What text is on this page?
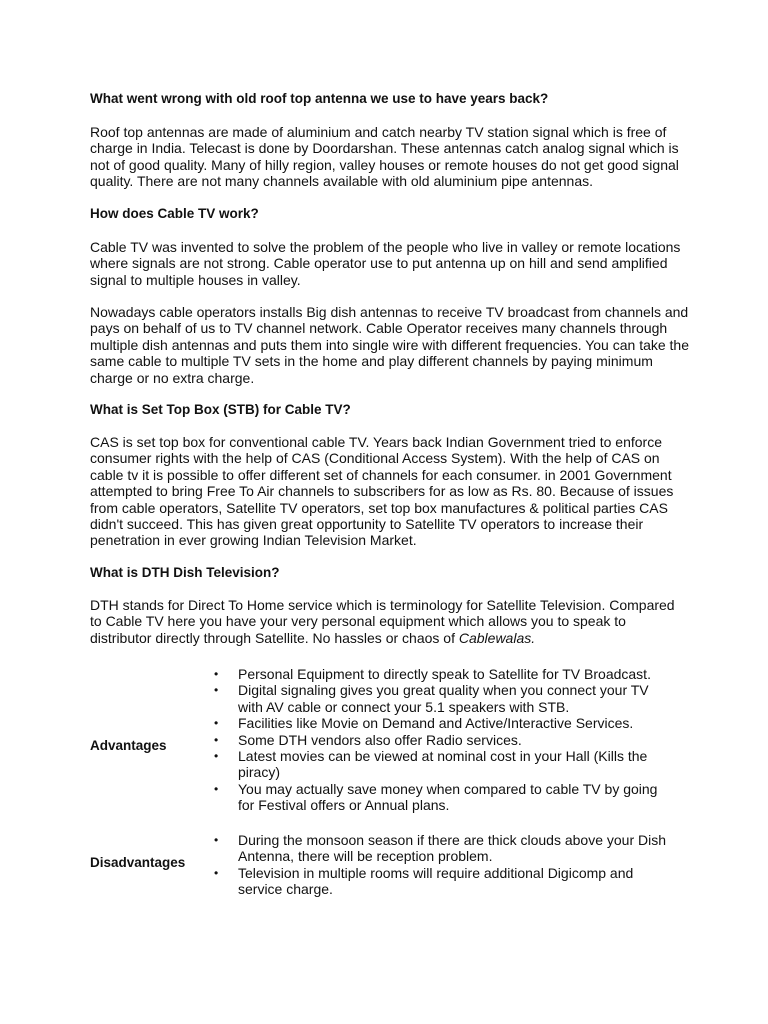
What went wrong with old roof top antenna we use to have years back?

Roof top antennas are made of aluminium and catch nearby TV station signal which is free of charge in India. Telecast is done by Doordarshan. These antennas catch analog signal which is not of good quality. Many of hilly region, valley houses or remote houses do not get good signal quality. There are not many channels available with old aluminium pipe antennas.

How does Cable TV work?

Cable TV was invented to solve the problem of the people who live in valley or remote locations where signals are not strong. Cable operator use to put antenna up on hill and send amplified signal to multiple houses in valley.

Nowadays cable operators installs Big dish antennas to receive TV broadcast from channels and pays on behalf of us to TV channel network. Cable Operator receives many channels through multiple dish antennas and puts them into single wire with different frequencies. You can take the same cable to multiple TV sets in the home and play different channels by paying minimum charge or no extra charge.

What is Set Top Box (STB) for Cable TV?

CAS is set top box for conventional cable TV. Years back Indian Government tried to enforce consumer rights with the help of CAS (Conditional Access System). With the help of CAS on cable tv it is possible to offer different set of channels for each consumer. in 2001 Government attempted to bring Free To Air channels to subscribers for as low as Rs. 80. Because of issues from cable operators, Satellite TV operators, set top box manufactures & political parties CAS didn't succeed. This has given great opportunity to Satellite TV operators to increase their penetration in ever growing Indian Television Market.

What is DTH Dish Television?

DTH stands for Direct To Home service which is terminology for Satellite Television. Compared to Cable TV here you have your very personal equipment which allows you to speak to distributor directly through Satellite. No hassles or chaos of Cablewalas.

Advantages

• Personal Equipment to directly speak to Satellite for TV Broadcast.
• Digital signaling gives you great quality when you connect your TV with AV cable or connect your 5.1 speakers with STB.
• Facilities like Movie on Demand and Active/Interactive Services.
• Some DTH vendors also offer Radio services.
• Latest movies can be viewed at nominal cost in your Hall (Kills the piracy)
• You may actually save money when compared to cable TV by going for Festival offers or Annual plans.

Disadvantages

• During the monsoon season if there are thick clouds above your Dish Antenna, there will be reception problem.
• Television in multiple rooms will require additional Digicomp and service charge.
